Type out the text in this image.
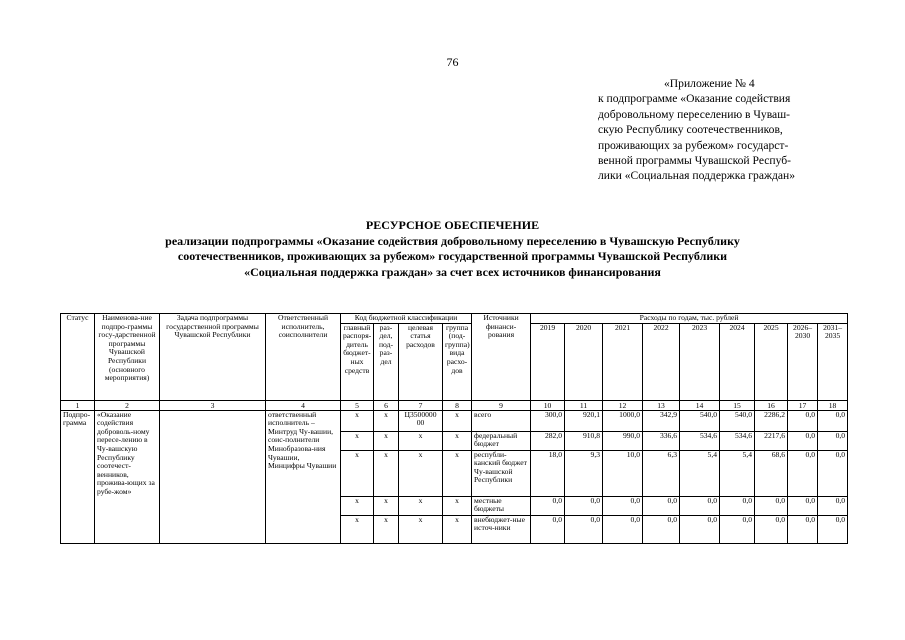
76
«Приложение № 4
к подпрограмме «Оказание содействия
добровольному переселению в Чуваш-
скую Республику соотечественников,
проживающих за рубежом» государст-
венной программы Чувашской Респуб-
лики «Социальная поддержка граждан»
РЕСУРСНОЕ ОБЕСПЕЧЕНИЕ
реализации подпрограммы «Оказание содействия добровольному переселению в Чувашскую Республику
соотечественников, проживающих за рубежом» государственной программы Чувашской Республики
«Социальная поддержка граждан» за счет всех источников финансирования
Статус	Наименова-ние подпро-граммы госу-дарственной программы Чувашской Республики (основного мероприятия)	Задача подпрограммы государственной программы Чувашской Республики	Ответственный исполнитель, соисполнители	Код бюджетной классификации				Источники финанси-рования	Расходы по годам, тыс. рублей								
				главный распоря-дитель бюджет-ных средств	раз-дел, под-раз-дел	целевая статья расходов	группа (под-группа) вида расхо-дов		2019	2020	2021	2022	2023	2024	2025	2026–2030	2031–2035
1	2	3	4	5	6	7	8	9	10	11	12	13	14	15	16	17	18
Подпро-грамма	«Оказание содействия доброволь-ному пересе-лению в Чу-вашскую Республику соотечест-венников, прожива-ющих за рубе-жом»		ответственный исполнитель – Минтруд Чу-вашии, соис-полнители Минобразова-ния Чувашии, Минцифры Чувашии	x	x	Ц3500000 00	x	всего	300,0	920,1	1000,0	342,9	540,0	540,0	2286,2	0,0	0,0
				x	x	x	x	федеральный бюджет	282,0	910,8	990,0	336,6	534,6	534,6	2217,6	0,0	0,0
				x	x	x	x	республи-канский бюджет Чу-вашской Республики	18,0	9,3	10,0	6,3	5,4	5,4	68,6	0,0	0,0
				x	x	x	x	местные бюджеты	0,0	0,0	0,0	0,0	0,0	0,0	0,0	0,0	0,0
				x	x	x	x	внебюджет-ные источ-ники	0,0	0,0	0,0	0,0	0,0	0,0	0,0	0,0	0,0
